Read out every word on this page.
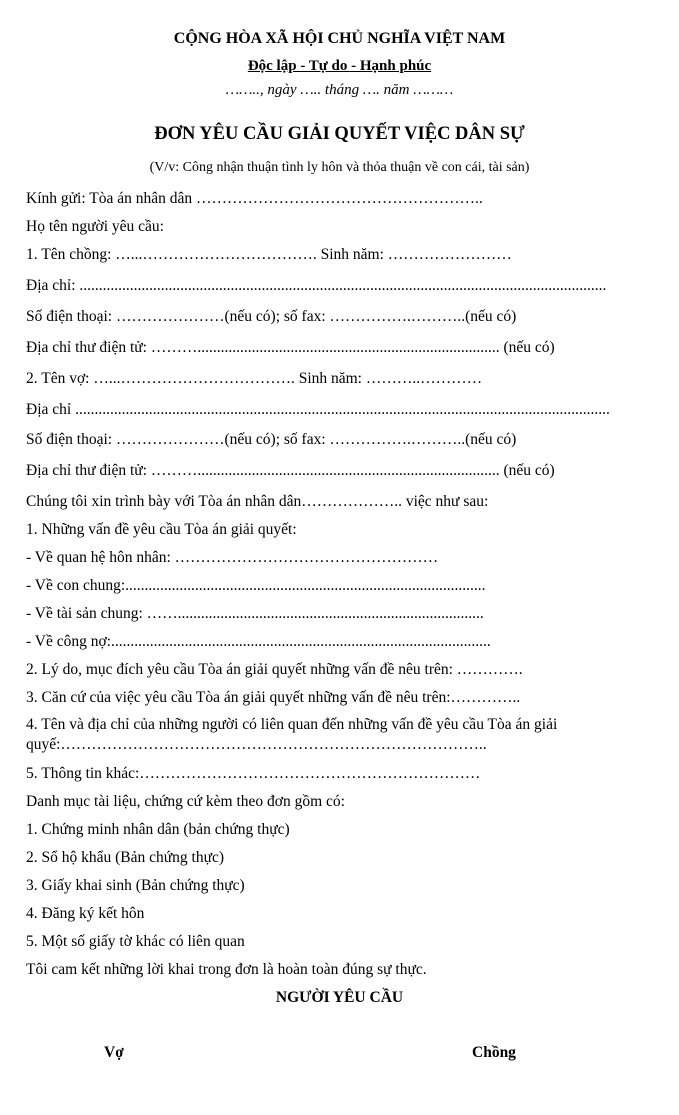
CỘNG HÒA XÃ HỘI CHỦ NGHĨA VIỆT NAM
Độc lập - Tự do - Hạnh phúc
…….., ngày ….. tháng …. năm ………
ĐƠN YÊU CẦU GIẢI QUYẾT VIỆC DÂN SỰ
(V/v: Công nhận thuận tình ly hôn và thỏa thuận về con cái, tài sản)
Kính gửi: Tòa án nhân dân ………………………………………………..
Họ tên người yêu cầu:
1. Tên chồng: …...……………………………. Sinh năm: ……………………
Địa chỉ: ........................................................................................................................................
Số điện thoại: …………………(nếu có); số fax: …………….………..(nếu có)
Địa chỉ thư điện tử: ……….............................................................................. (nếu có)
2. Tên vợ: …...……………………………. Sinh năm: ………..…………
Địa chỉ ..........................................................................................................................................
Số điện thoại: …………………(nếu có); số fax: …………….………..(nếu có)
Địa chỉ thư điện tử: ……….............................................................................. (nếu có)
Chúng tôi xin trình bày với Tòa án nhân dân……………….. việc như sau:
1. Những vấn đề yêu cầu Tòa án giải quyết:
- Về quan hệ hôn nhân: ……………………………………………
- Về con chung:.............................................................................................
- Về tài sản chung: ……...............................................................................
- Về công nợ:..................................................................................................
2. Lý do, mục đích yêu cầu Tòa án giải quyết những vấn đề nêu trên: ………….
3. Căn cứ của việc yêu cầu Tòa án giải quyết những vấn đề nêu trên:…………..
4. Tên và địa chỉ của những người có liên quan đến những vấn đề yêu cầu Tòa án giải quyế:………………………………………………………………………..
5. Thông tin khác:…………………………………………………………
Danh mục tài liệu, chứng cứ kèm theo đơn gồm có:
1. Chứng minh nhân dân (bản chứng thực)
2. Sổ hộ khẩu (Bản chứng thực)
3. Giấy khai sinh (Bản chứng thực)
4. Đăng ký kết hôn
5. Một số giấy tờ khác có liên quan
Tôi cam kết những lời khai trong đơn là hoàn toàn đúng sự thực.
NGƯỜI YÊU CẦU
Vợ	Chồng
